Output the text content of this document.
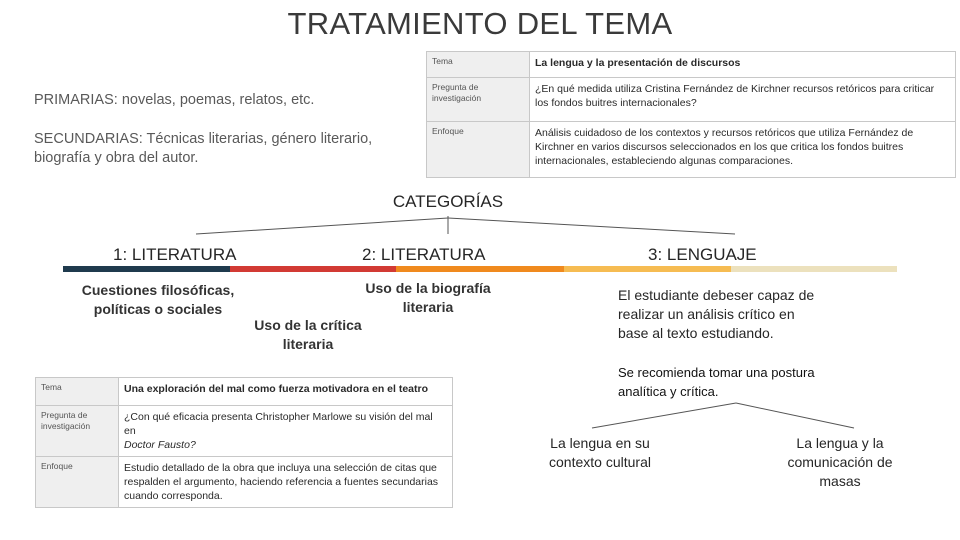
TRATAMIENTO DEL TEMA
PRIMARIAS: novelas, poemas, relatos, etc.
SECUNDARIAS: Técnicas literarias, género literario, biografía y obra del autor.
Tema	La lengua y la presentación de discursos
Pregunta de investigación	¿En qué medida utiliza Cristina Fernández de Kirchner recursos retóricos para criticar los fondos buitres internacionales?
Enfoque	Análisis cuidadoso de los contextos y recursos retóricos que utiliza Fernández de Kirchner en varios discursos seleccionados en los que critica los fondos buitres internacionales, estableciendo algunas comparaciones.
CATEGORÍAS
1: LITERATURA	2: LITERATURA	3: LENGUAJE
Cuestiones filosóficas, políticas o sociales
Uso de la crítica literaria
Uso de la biografía literaria
El estudiante debeser capaz de realizar un análisis crítico en base al texto estudiando.
Se recomienda tomar una postura analítica y crítica.
La lengua en su contexto cultural
La lengua y la comunicación de masas
Tema	Una exploración del mal como fuerza motivadora en el teatro
Pregunta de investigación	¿Con qué eficacia presenta Christopher Marlowe su visión del mal en
Doctor Fausto?
Enfoque	Estudio detallado de la obra que incluya una selección de citas que respalden el argumento, haciendo referencia a fuentes secundarias cuando corresponda.
